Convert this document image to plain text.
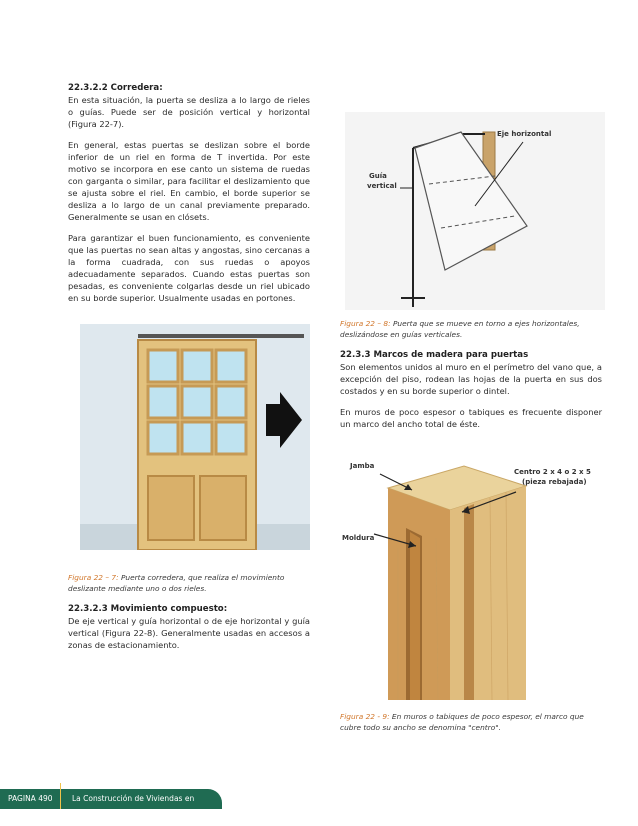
22.3.2.2 Corredera:

En esta situación, la puerta se desliza a lo largo de rieles o guías. Puede ser de posición vertical y horizontal (Figura 22-7).

En general, estas puertas se deslizan sobre el borde inferior de un riel en forma de T invertida. Por este motivo se incorpora en ese canto un sistema de ruedas con garganta o similar, para facilitar el deslizamiento que se ajusta sobre el riel. En cambio, el borde superior se desliza a lo largo de un canal previamente preparado. Generalmente se usan en clósets.

Para garantizar el buen funcionamiento, es conveniente que las puertas no sean altas y angostas, sino cercanas a la forma cuadrada, con sus ruedas o apoyos adecuadamente separados. Cuando estas puertas son pesadas, es conveniente colgarlas desde un riel ubicado en su borde superior. Usualmente usadas en portones.

Figura 22 – 7: Puerta corredera, que realiza el movimiento deslizante mediante uno o dos rieles.

22.3.2.3 Movimiento compuesto:

De eje vertical y guía horizontal o de eje horizontal y guía vertical (Figura 22-8). Generalmente usadas en accesos a zonas de estacionamiento.

Eje horizontal
Guía
vertical

Figura 22 – 8: Puerta que se mueve en torno a ejes horizontales, deslizándose en guías verticales.

22.3.3 Marcos de madera para puertas

Son elementos unidos al muro en el perímetro del vano que, a excepción del piso, rodean las hojas de la puerta en sus dos costados y en su borde superior o dintel.

En muros de poco espesor o tabiques es frecuente disponer un marco del ancho total de éste.

Jamba
Centro 2 x 4 o 2 x 5
(pieza rebajada)
Moldura

Figura 22 - 9: En muros o tabiques de poco espesor, el marco que cubre todo su ancho se denomina "centro".

PAGINA 490	La Construcción de Viviendas en Madera
